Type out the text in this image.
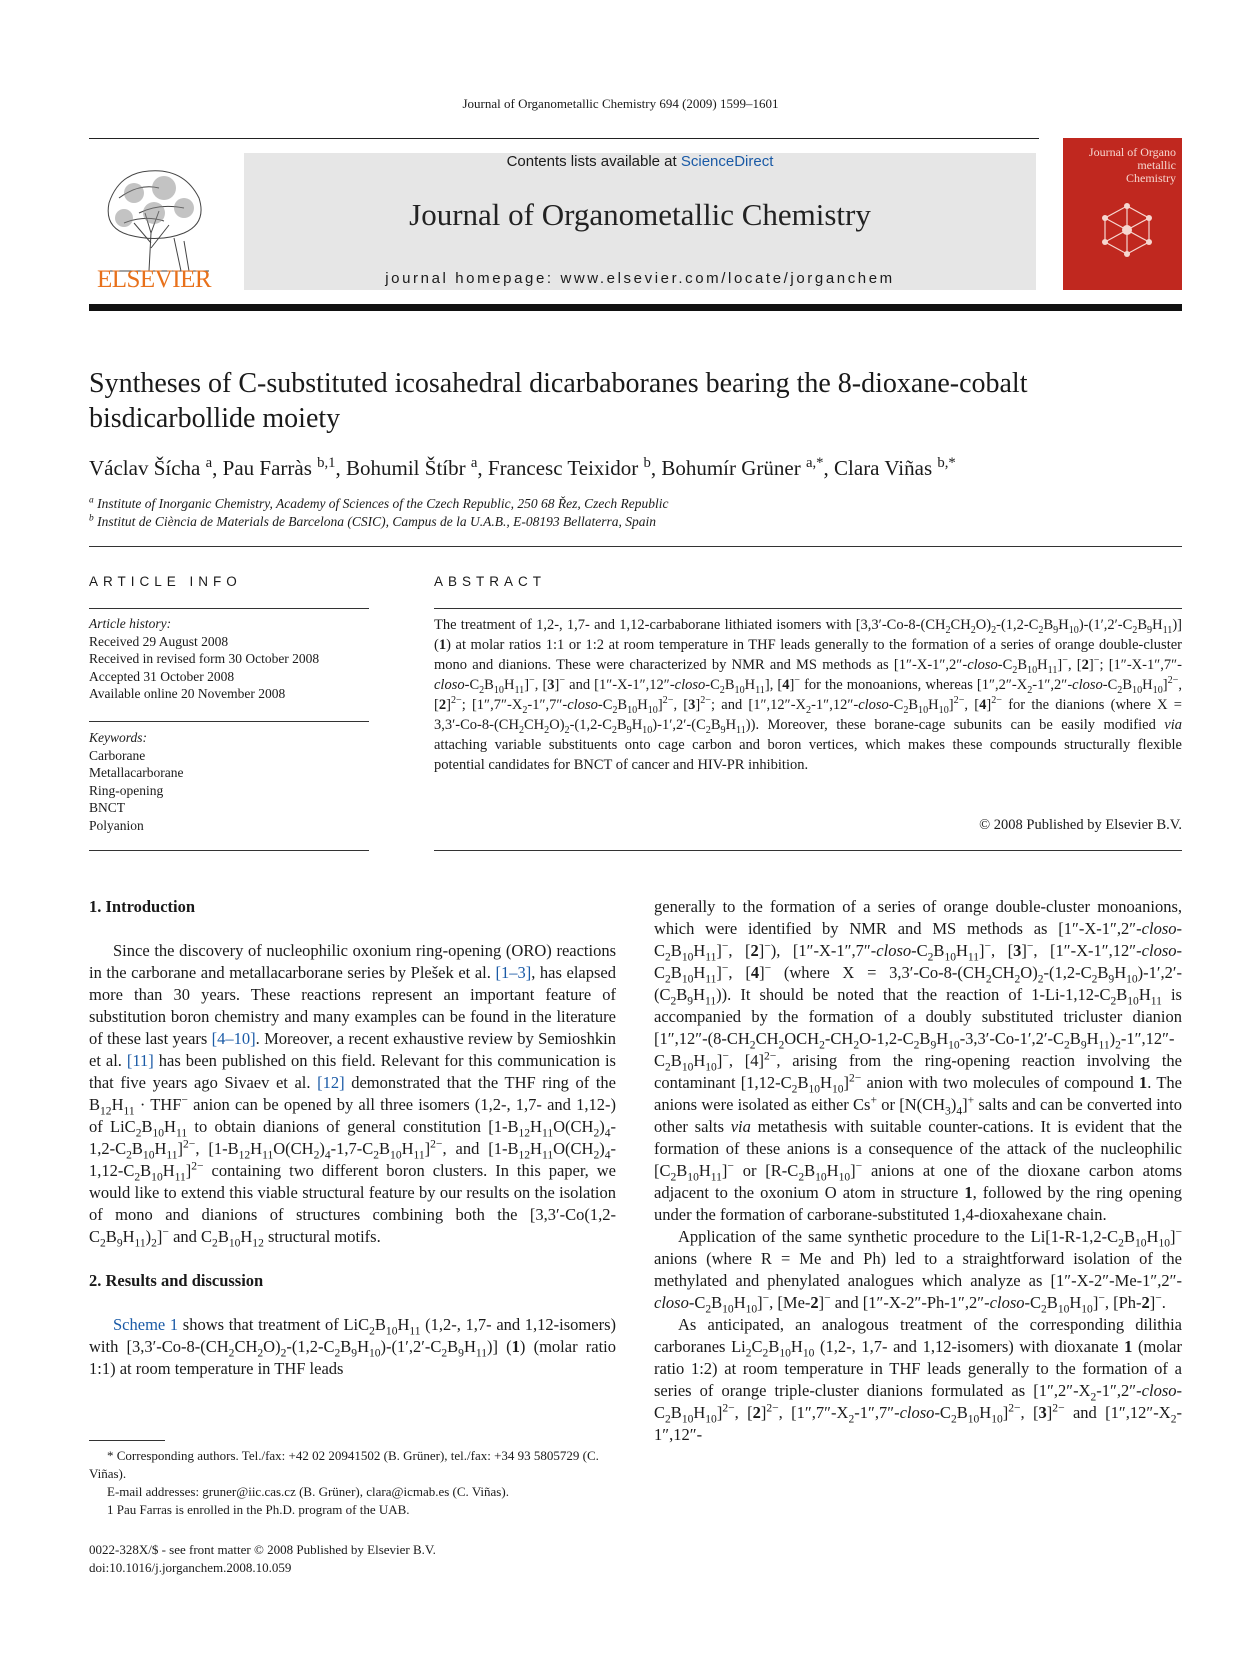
Journal of Organometallic Chemistry 694 (2009) 1599–1601
ELSEVIER
Contents lists available at ScienceDirect
Journal of Organometallic Chemistry
journal homepage: www.elsevier.com/locate/jorganchem
Journal of Organo metallic Chemistry
Syntheses of C-substituted icosahedral dicarbaboranes bearing the 8-dioxane-cobalt bisdicarbollide moiety
Václav Šícha $^a$, Pau Farràs $^{b,1}$, Bohumil Štíbr $^a$, Francesc Teixidor $^b$, Bohumír Grüner $^{a,*}$, Clara Viñas $^{b,*}$
$^a$ Institute of Inorganic Chemistry, Academy of Sciences of the Czech Republic, 250 68 Řez, Czech Republic
$^b$ Institut de Ciència de Materials de Barcelona (CSIC), Campus de la U.A.B., E-08193 Bellaterra, Spain
ARTICLE INFO	ABSTRACT
Article history:
Received 29 August 2008
Received in revised form 30 October 2008
Accepted 31 October 2008
Available online 20 November 2008
Keywords:
Carborane
Metallacarborane
Ring-opening
BNCT
Polyanion
The treatment of 1,2-, 1,7- and 1,12-carbaborane lithiated isomers with $[3,3'-Co-8-(CH_2CH_2O)_2-(1,2-C_2B_9H_{10})-(1',2'-C_2B_9H_{11})]$ (1) at molar ratios 1:1 or 1:2 at room temperature in THF leads generally to the formation of a series of orange double-cluster mono and dianions. These were characterized by NMR and MS methods as $[1''-X-1'',2''-closo-C_2B_{10}H_{11}]^-$, [2]−; $[1''-X-1'',7''-closo-C_2B_{10}H_{11}]^-$, [3]− and $[1''-X-1'',12''-closo-C_2B_{10}H_{11}]$, [4]− for the monoanions, whereas $[1'',2''-X_2-1'',2''-closo-C_2B_{10}H_{10}]^{2-}$, $[2]^{2-}$; $[1'',7''-X_2-1'',7''-closo-C_2B_{10}H_{10}]^{2-}$, $[3]^{2-}$; and $[1'',12''-X_2-1'',12''-closo-C_2B_{10}H_{10}]^{2-}$, $[4]^{2-}$ for the dianions (where $X = 3,3'-Co-8-(CH_2CH_2O)_2-(1,2-C_2B_9H_{10})-1',2'-(C_2B_9H_{11})$). Moreover, these borane-cage subunits can be easily modified via attaching variable substituents onto cage carbon and boron vertices, which makes these compounds structurally flexible potential candidates for BNCT of cancer and HIV-PR inhibition.
© 2008 Published by Elsevier B.V.
1. Introduction

Since the discovery of nucleophilic oxonium ring-opening (ORO) reactions in the carborane and metallacarborane series by Plešek et al. [1–3], has elapsed more than 30 years. These reactions represent an important feature of substitution boron chemistry and many examples can be found in the literature of these last years [4–10]. Moreover, a recent exhaustive review by Semioshkin et al. [11] has been published on this field. Relevant for this communication is that five years ago Sivaev et al. [12] demonstrated that the THF ring of the $B_{12}H_{11} \cdot THF^-$ anion can be opened by all three isomers (1,2-, 1,7- and 1,12-) of $LiC_2B_{10}H_{11}$ to obtain dianions of general constitution $[1-B_{12}H_{11}O(CH_2)_4-1,2-C_2B_{10}H_{11}]^{2-}$, $[1-B_{12}H_{11}O(CH_2)_4-1,7-C_2B_{10}H_{11}]^{2-}$, and $[1-B_{12}H_{11}O(CH_2)_4-1,12-C_2B_{10}H_{11}]^{2-}$ containing two different boron clusters. In this paper, we would like to extend this viable structural feature by our results on the isolation of mono and dianions of structures combining both the $[3,3'-Co(1,2-C_2B_9H_{11})_2]^-$ and $C_2B_{10}H_{12}$ structural motifs.

2. Results and discussion

Scheme 1 shows that treatment of $LiC_2B_{10}H_{11}$ (1,2-, 1,7- and 1,12-isomers) with $[3,3'-Co-8-(CH_2CH_2O)_2-(1,2-C_2B_9H_{10})-(1',2'-C_2B_9H_{11})]$ (1) (molar ratio 1:1) at room temperature in THF leads

generally to the formation of a series of orange double-cluster monoanions, which were identified by NMR and MS methods as $[1''-X-1'',2''-closo-C_2B_{10}H_{11}]^-$, [2]−), $[1''-X-1'',7''-closo-C_2B_{10}H_{11}]^-$, [3]−, $[1''-X-1'',12''-closo-C_2B_{10}H_{11}]^-$, [4]− (where $X = 3,3'-Co-8-(CH_2CH_2O)_2-(1,2-C_2B_9H_{10})-1',2'-(C_2B_9H_{11})$). It should be noted that the reaction of $1-Li-1,12-C_2B_{10}H_{11}$ is accompanied by the formation of a doubly substituted tricluster dianion $[1'',12''-(8-CH_2CH_2OCH_2-CH_2O-1,2-C_2B_9H_{10}-3,3'-Co-1',2'-C_2B_9H_{11})_2-1'',12''-C_2B_{10}H_{10}]^-$, $[4]^{2-}$, arising from the ring-opening reaction involving the contaminant $[1,12-C_2B_{10}H_{10}]^{2-}$ anion with two molecules of compound 1. The anions were isolated as either Cs+ or $[N(CH_3)_4]^+$ salts and can be converted into other salts via metathesis with suitable counter-cations. It is evident that the formation of these anions is a consequence of the attack of the nucleophilic $[C_2B_{10}H_{11}]^-$ or $[R-C_2B_{10}H_{10}]^-$ anions at one of the dioxane carbon atoms adjacent to the oxonium O atom in structure 1, followed by the ring opening under the formation of carborane-substituted 1,4-dioxahexane chain.

Application of the same synthetic procedure to the $Li[1-R-1,2-C_2B_{10}H_{10}]^-$ anions (where R = Me and Ph) led to a straightforward isolation of the methylated and phenylated analogues which analyze as $[1''-X-2''-Me-1'',2''-closo-C_2B_{10}H_{10}]^-$, [Me-2]− and $[1''-X-2''-Ph-1'',2''-closo-C_2B_{10}H_{10}]^-$, [Ph-2]−.

As anticipated, an analogous treatment of the corresponding dilithia carboranes $Li_2C_2B_{10}H_{10}$ (1,2-, 1,7- and 1,12-isomers) with dioxanate 1 (molar ratio 1:2) at room temperature in THF leads generally to the formation of a series of orange triple-cluster dianions formulated as $[1'',2''-X_2-1'',2''-closo-C_2B_{10}H_{10}]^{2-}$, $[2]^{2-}$, $[1'',7''-X_2-1'',7''-closo-C_2B_{10}H_{10}]^{2-}$, $[3]^{2-}$ and [$1'',12''-X_2-1'',12''-$

* Corresponding authors. Tel./fax: +42 02 20941502 (B. Grüner), tel./fax: +34 93 5805729 (C. Viñas).
E-mail addresses: gruner@iic.cas.cz (B. Grüner), clara@icmab.es (C. Viñas).
1 Pau Farras is enrolled in the Ph.D. program of the UAB.
0022-328X/$ - see front matter © 2008 Published by Elsevier B.V.
doi:10.1016/j.jorganchem.2008.10.059
